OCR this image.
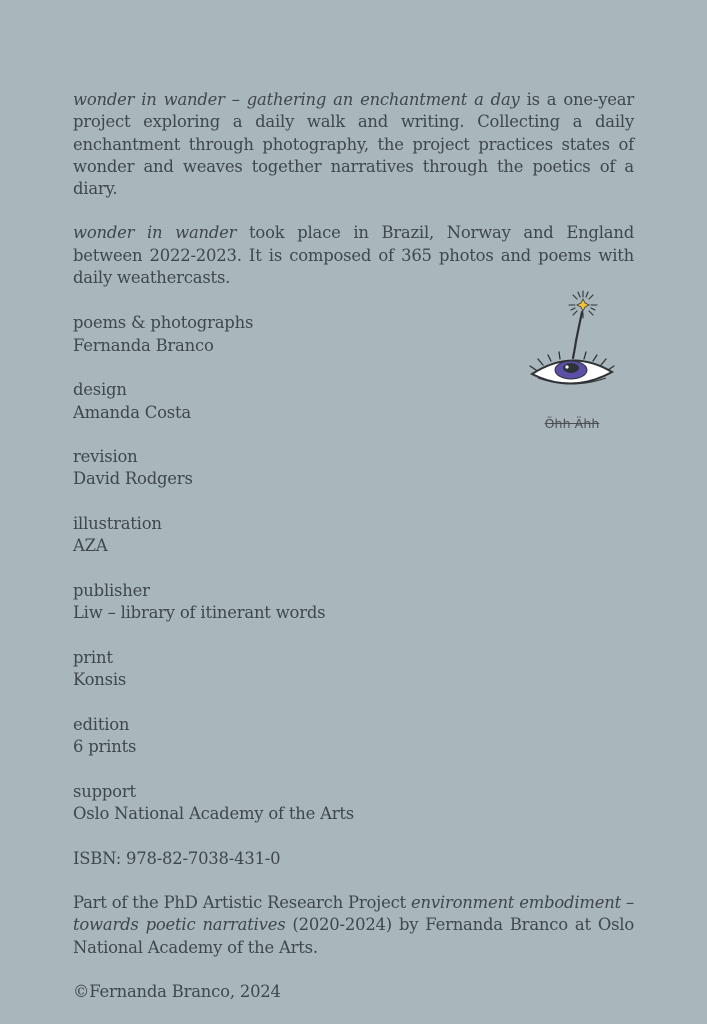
wonder in wander – gathering an enchantment a day is a one-year project exploring a daily walk and writing. Collecting a daily enchantment through photography, the project practices states of wonder and weaves together narratives through the poetics of a diary.

wonder in wander took place in Brazil, Norway and England between 2022-2023. It is composed of 365 photos and poems with daily weathercasts.

poems & photographs
Fernanda Branco
design
Amanda Costa
revision
David Rodgers
illustration
AZA
publisher
Liw – library of itinerant words
print
Konsis
edition
6 prints
support
Oslo National Academy of the Arts
ISBN: 978-82-7038-431-0

Part of the PhD Artistic Research Project environment embodiment – towards poetic narratives (2020-2024) by Fernanda Branco at Oslo National Academy of the Arts.

©Fernanda Branco, 2024
Õhh Ähh
